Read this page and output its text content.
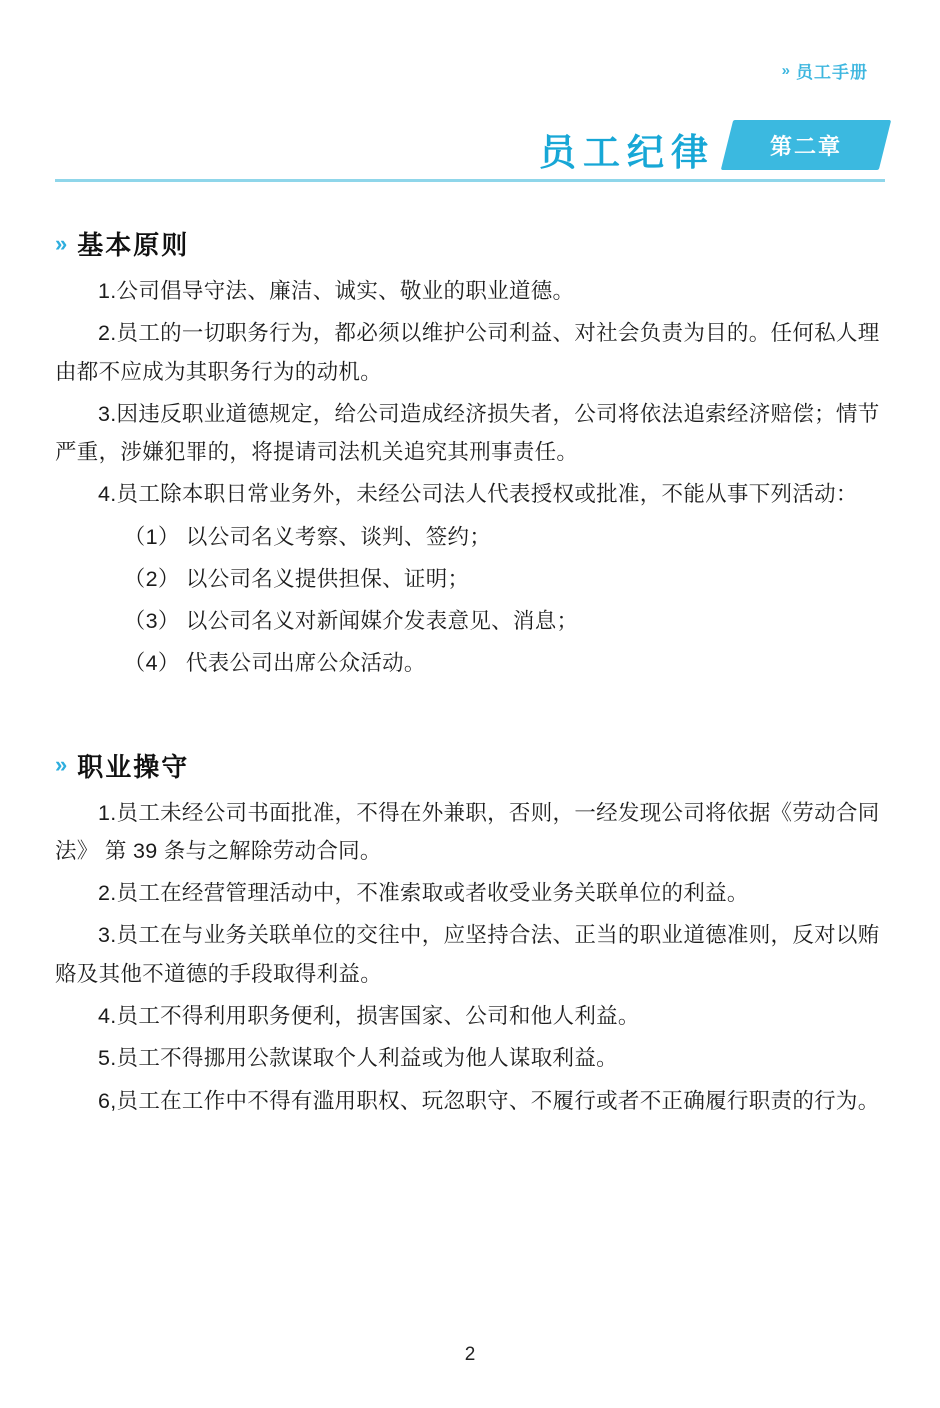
» 员工手册
员工纪律	第二章
» 基本原则

1.公司倡导守法、廉洁、诚实、敬业的职业道德。

2.员工的一切职务行为，都必须以维护公司利益、对社会负责为目的。任何私人理由都不应成为其职务行为的动机。

3.因违反职业道德规定，给公司造成经济损失者，公司将依法追索经济赔偿；情节严重，涉嫌犯罪的，将提请司法机关追究其刑事责任。

4.员工除本职日常业务外，未经公司法人代表授权或批准，不能从事下列活动：

（1） 以公司名义考察、谈判、签约；

（2） 以公司名义提供担保、证明；

（3） 以公司名义对新闻媒介发表意见、消息；

（4） 代表公司出席公众活动。

» 职业操守

1.员工未经公司书面批准，不得在外兼职，否则，一经发现公司将依据《劳动合同法》 第 39 条与之解除劳动合同。

2.员工在经营管理活动中，不准索取或者收受业务关联单位的利益。

3.员工在与业务关联单位的交往中，应坚持合法、正当的职业道德准则，反对以贿赂及其他不道德的手段取得利益。

4.员工不得利用职务便利，损害国家、公司和他人利益。

5.员工不得挪用公款谋取个人利益或为他人谋取利益。

6,员工在工作中不得有滥用职权、玩忽职守、不履行或者不正确履行职责的行为。

2
